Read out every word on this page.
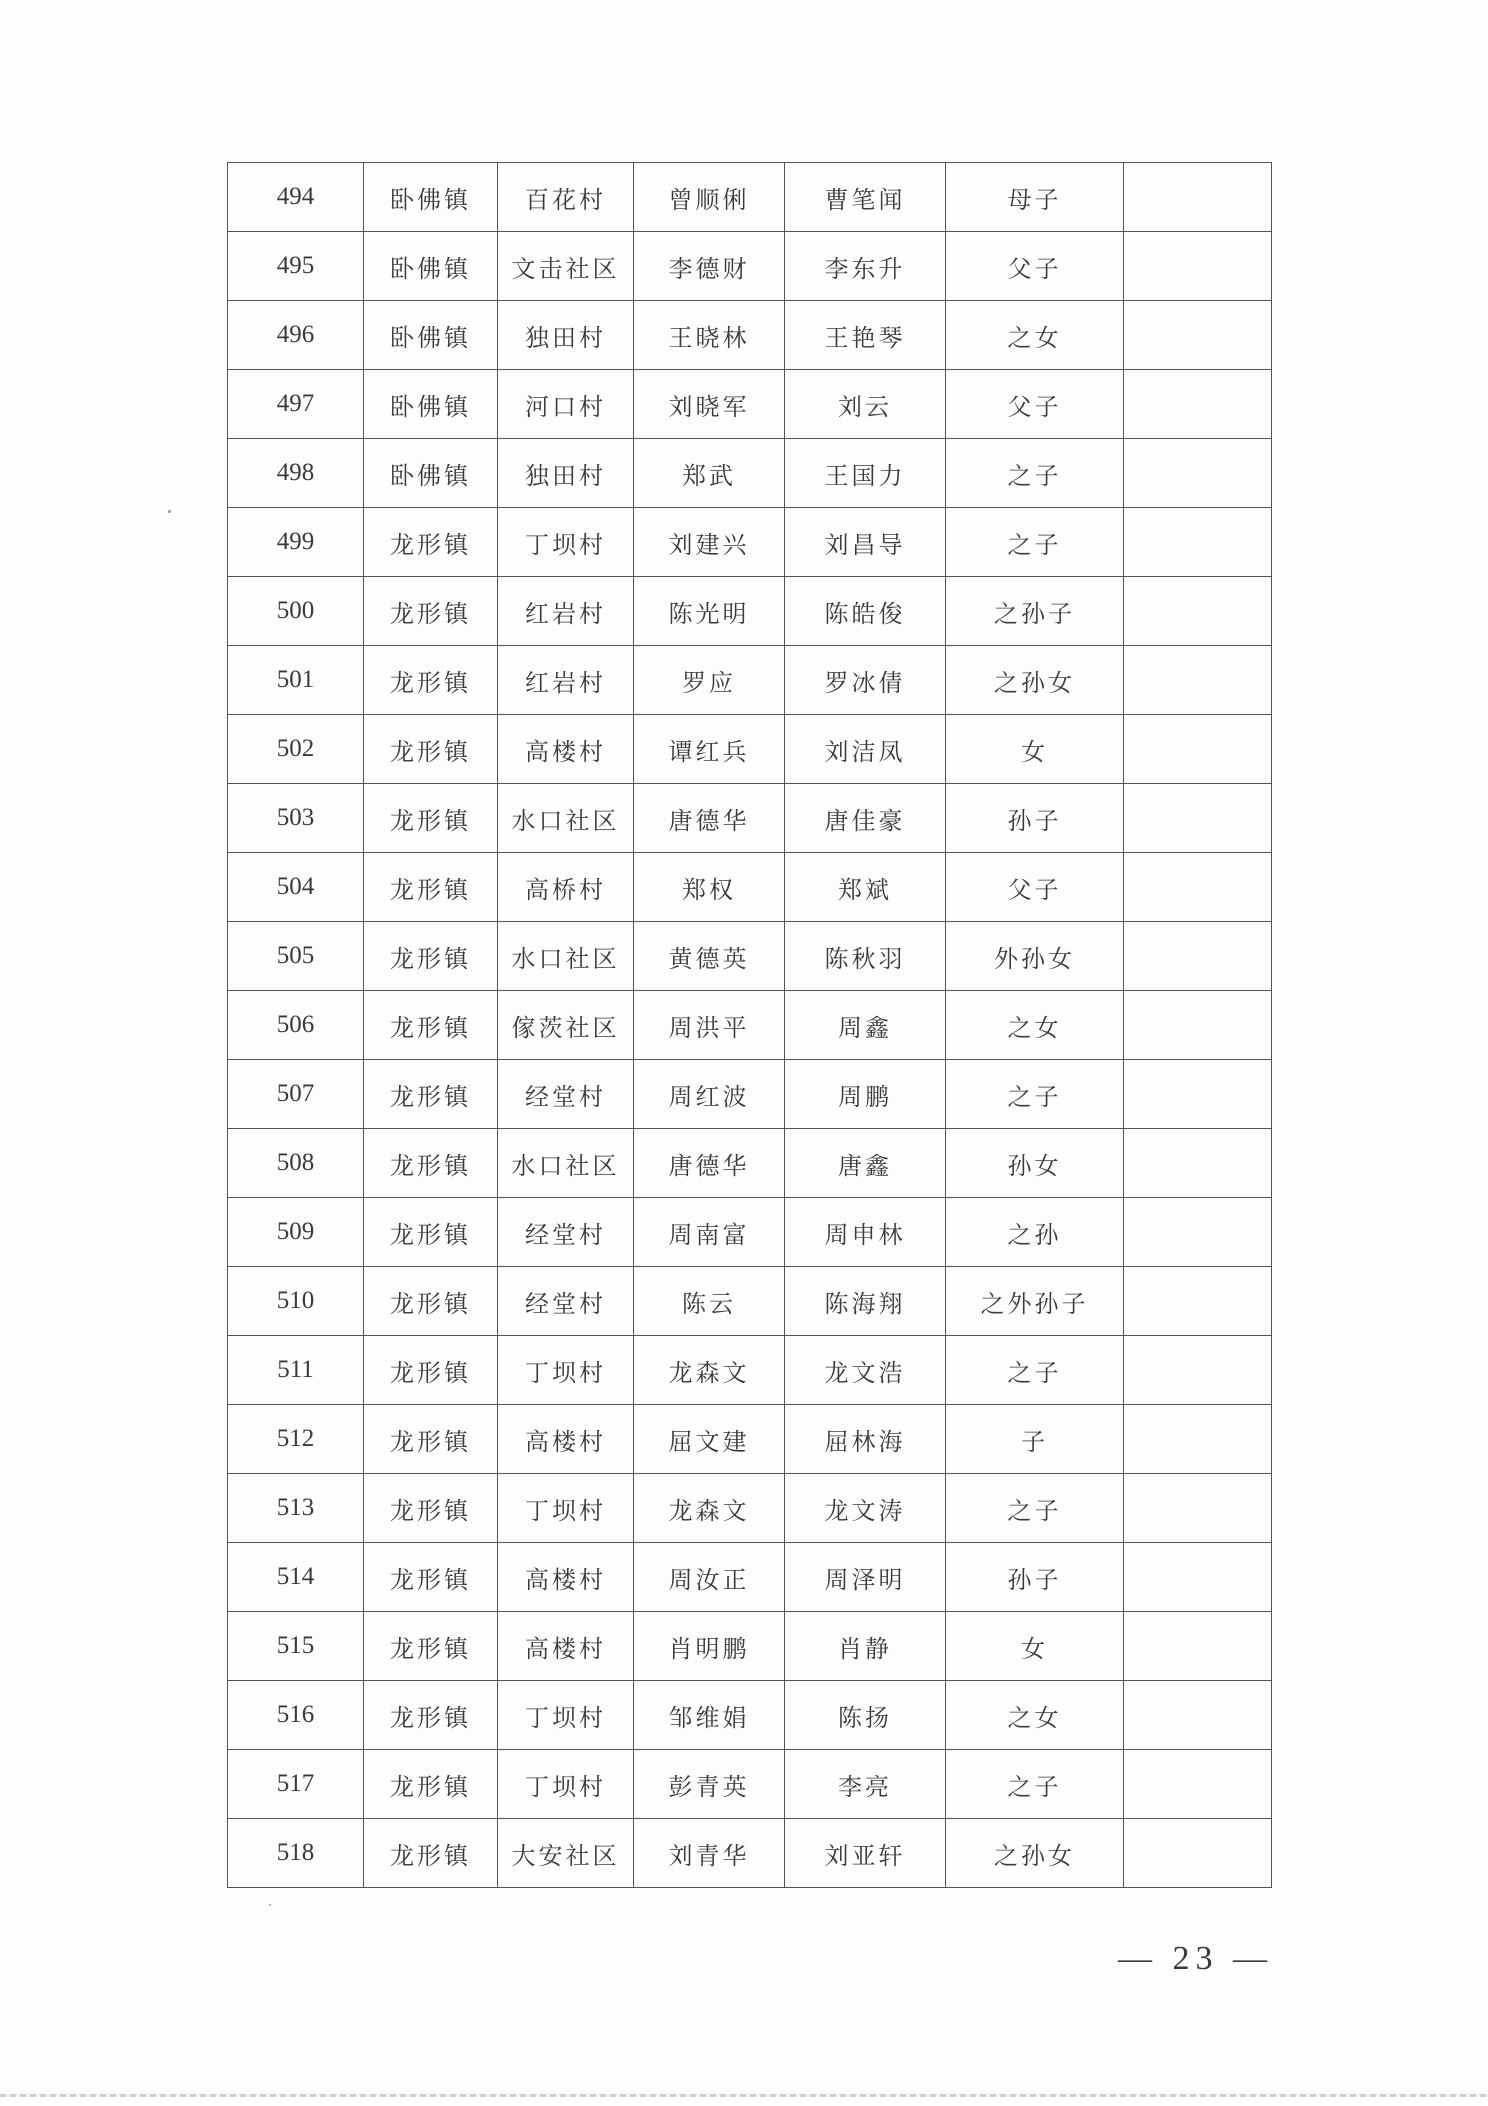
494	卧佛镇	百花村	曾顺俐	曹笔闻	母子	
495	卧佛镇	文击社区	李德财	李东升	父子	
496	卧佛镇	独田村	王晓林	王艳琴	之女	
497	卧佛镇	河口村	刘晓军	刘云	父子	
498	卧佛镇	独田村	郑武	王国力	之子	
499	龙形镇	丁坝村	刘建兴	刘昌导	之子	
500	龙形镇	红岩村	陈光明	陈皓俊	之孙子	
501	龙形镇	红岩村	罗应	罗冰倩	之孙女	
502	龙形镇	高楼村	谭红兵	刘洁凤	女	
503	龙形镇	水口社区	唐德华	唐佳豪	孙子	
504	龙形镇	高桥村	郑权	郑斌	父子	
505	龙形镇	水口社区	黄德英	陈秋羽	外孙女	
506	龙形镇	傢茨社区	周洪平	周鑫	之女	
507	龙形镇	经堂村	周红波	周鹏	之子	
508	龙形镇	水口社区	唐德华	唐鑫	孙女	
509	龙形镇	经堂村	周南富	周申林	之孙	
510	龙形镇	经堂村	陈云	陈海翔	之外孙子	
511	龙形镇	丁坝村	龙森文	龙文浩	之子	
512	龙形镇	高楼村	屈文建	屈林海	子	
513	龙形镇	丁坝村	龙森文	龙文涛	之子	
514	龙形镇	高楼村	周汝正	周泽明	孙子	
515	龙形镇	高楼村	肖明鹏	肖静	女	
516	龙形镇	丁坝村	邹维娟	陈扬	之女	
517	龙形镇	丁坝村	彭青英	李亮	之子	
518	龙形镇	大安社区	刘青华	刘亚轩	之孙女	
— 23 —
